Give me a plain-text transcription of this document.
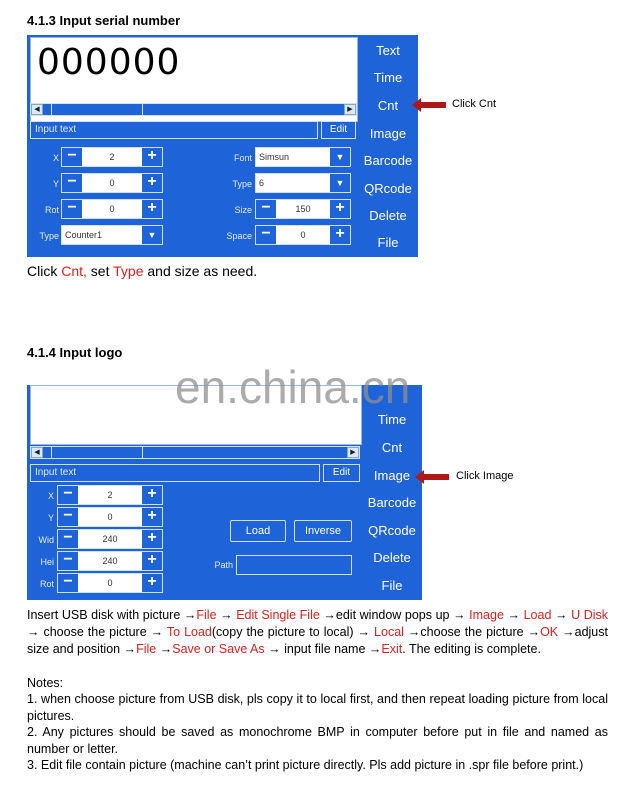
4.1.3 Input serial number
000000
◀	▶
Input text	Edit
Text
Time
Cnt
Image
Barcode
QRcode
Delete
File
X −	2	+
Y −	0	+
Rot −	0	+
Type Counter1	▼
Font Simsun	▼
Type 6	▼
Size −	150	+
Space −	0	+
Click Cnt
Click Cnt, set Type and size as need.
4.1.4 Input logo
◀	▶
Input text	Edit
Time
Cnt
Image
Barcode
QRcode
Delete
File
X −	2	+
Y −	0	+
Wid −	240	+
Hei −	240	+
Rot −	0	+
Load	Inverse
Path
en.china.cn
Click Image
Insert USB disk with picture →File → Edit Single File →edit window pops up → Image → Load → U Disk → choose the picture → To Load(copy the picture to local) → Local →choose the picture →OK →adjust size and position →File →Save or Save As → input file name →Exit. The editing is complete.
Notes:
1. when choose picture from USB disk, pls copy it to local first, and then repeat loading picture from local pictures.
2. Any pictures should be saved as monochrome BMP in computer before put in file and named as number or letter.
3. Edit file contain picture (machine can’t print picture directly. Pls add picture in .spr file before print.)
